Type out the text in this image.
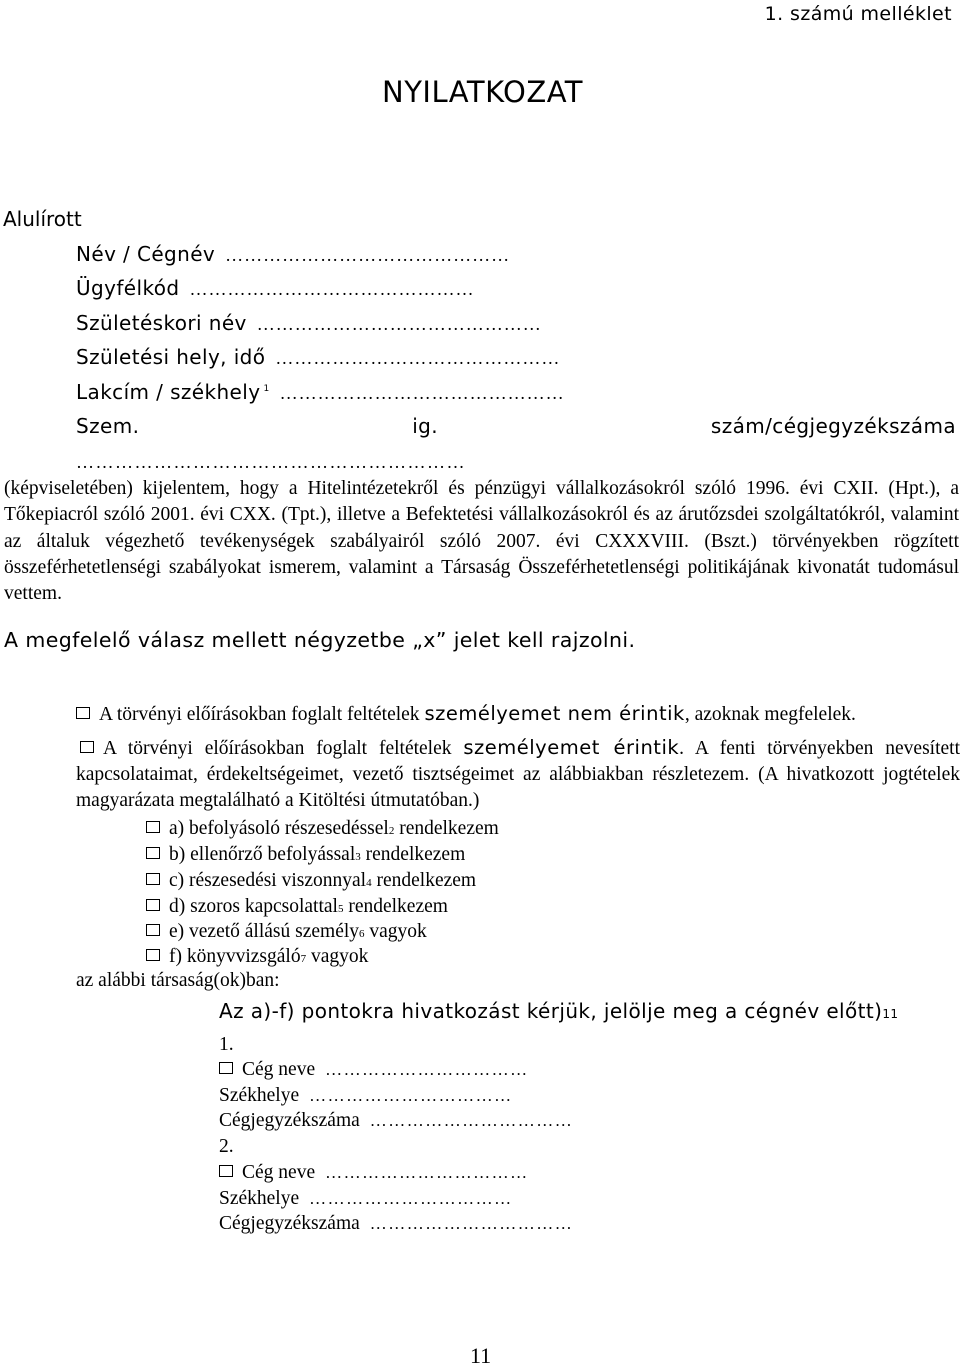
1. számú melléklet
NYILATKOZAT
Alulírott
Név / Cégnév ………………………………………
Ügyfélkód ………………………………………
Születéskori név ………………………………………
Születési hely, idő ………………………………………
Lakcím / székhely $^1$ ………………………………………
Szem.	ig.	szám/cégjegyzékszáma
……………………………………………………
(képviseletében) kijelentem, hogy a Hitelintézetekről és pénzügyi vállalkozásokról szóló 1996. évi CXII. (Hpt.), a Tőkepiacról szóló 2001. évi CXX. (Tpt.), illetve a Befektetési vállalkozásokról és az árutőzsdei szolgáltatókról, valamint az általuk végezhető tevékenységek szabályairól szóló 2007. évi CXXXVIII. (Bszt.) törvényekben rögzített összeférhetetlenségi szabályokat ismerem, valamint a Társaság Összeférhetetlenségi politikájának kivonatát tudomásul vettem.
A megfelelő válasz mellett négyzetbe „x” jelet kell rajzolni.
A törvényi előírásokban foglalt feltételek személyemet nem érintik, azoknak megfelelek.
A törvényi előírásokban foglalt feltételek személyemet érintik. A fenti törvényekben nevesített kapcsolataimat, érdekeltségeimet, vezető tisztségeimet az alábbiakban részletezem. (A hivatkozott jogtételek magyarázata megtalálható a Kitöltési útmutatóban.)
a) befolyásoló részesedéssel2 rendelkezem
b) ellenőrző befolyással3 rendelkezem
c) részesedési viszonnyal4 rendelkezem
d) szoros kapcsolattal5 rendelkezem
e) vezető állású személy6 vagyok
f) könyvvizsgáló7 vagyok
az alábbi társaság(ok)ban:
Az a)-f) pontokra hivatkozást kérjük, jelölje meg a cégnév előtt)11
1.
Cég neve ……………………………
Székhelye ……………………………
Cégjegyzékszáma ……………………………
2.
Cég neve ……………………………
Székhelye ……………………………
Cégjegyzékszáma ……………………………
11
